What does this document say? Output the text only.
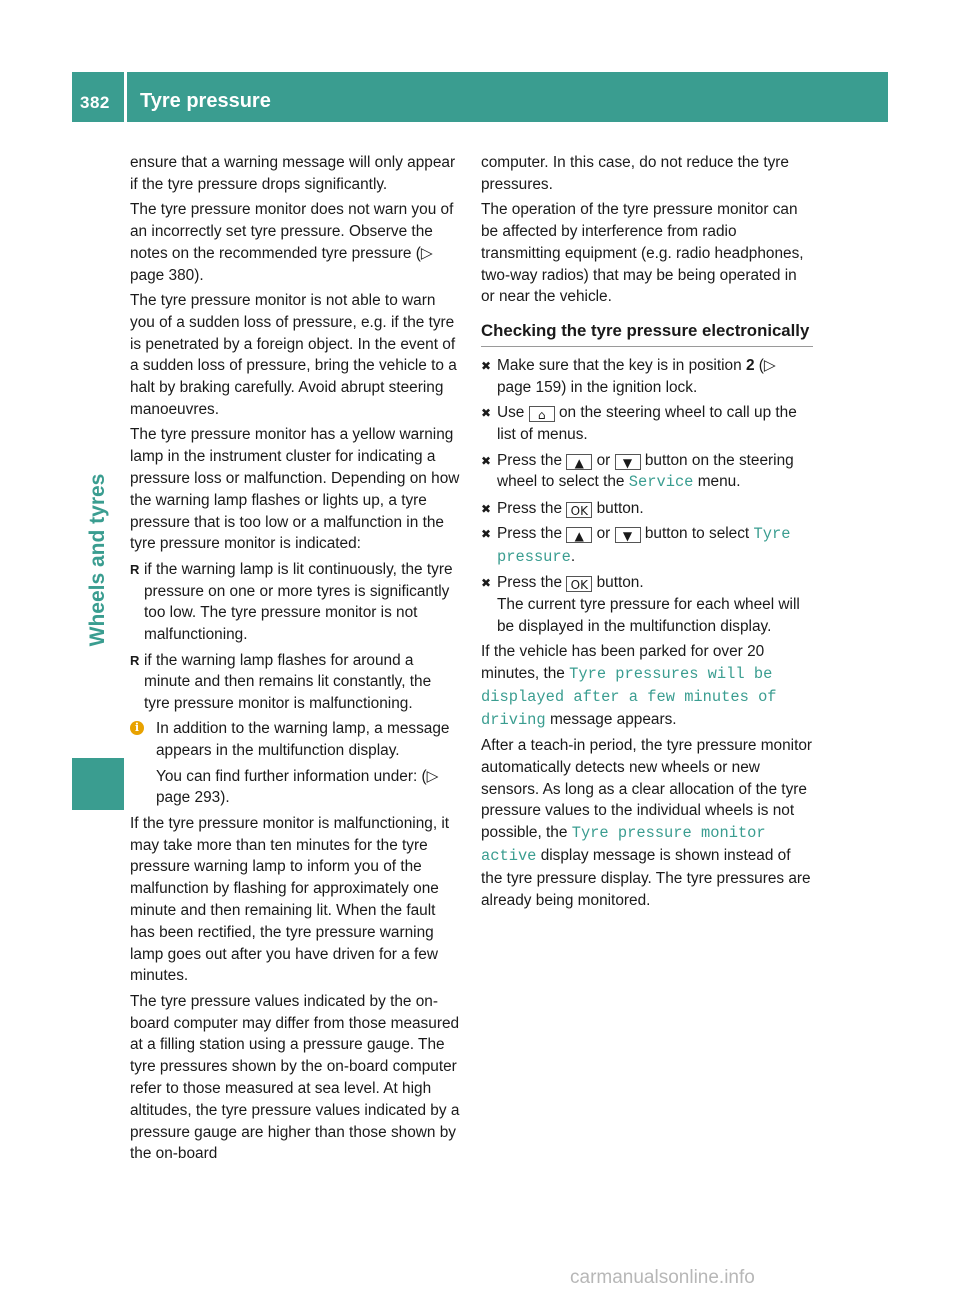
382 Tyre pressure
Wheels and tyres

ensure that a warning message will only appear if the tyre pressure drops significantly.

The tyre pressure monitor does not warn you of an incorrectly set tyre pressure. Observe the notes on the recommended tyre pressure (▷ page 380).

The tyre pressure monitor is not able to warn you of a sudden loss of pressure, e.g. if the tyre is penetrated by a foreign object. In the event of a sudden loss of pressure, bring the vehicle to a halt by braking carefully. Avoid abrupt steering manoeuvres.

The tyre pressure monitor has a yellow warning lamp in the instrument cluster for indicating a pressure loss or malfunction. Depending on how the warning lamp flashes or lights up, a tyre pressure that is too low or a malfunction in the tyre pressure monitor is indicated:

R if the warning lamp is lit continuously, the tyre pressure on one or more tyres is significantly too low. The tyre pressure monitor is not malfunctioning.
R if the warning lamp flashes for around a minute and then remains lit constantly, the tyre pressure monitor is malfunctioning.
i	In addition to the warning lamp, a message appears in the multifunction display.

You can find further information under: (▷ page 293).

If the tyre pressure monitor is malfunctioning, it may take more than ten minutes for the tyre pressure warning lamp to inform you of the malfunction by flashing for approximately one minute and then remaining lit. When the fault has been rectified, the tyre pressure warning lamp goes out after you have driven for a few minutes.

The tyre pressure values indicated by the on-board computer may differ from those measured at a filling station using a pressure gauge. The tyre pressures shown by the on-board computer refer to those measured at sea level. At high altitudes, the tyre pressure values indicated by a pressure gauge are higher than those shown by the on-board

computer. In this case, do not reduce the tyre pressures.

The operation of the tyre pressure monitor can be affected by interference from radio transmitting equipment (e.g. radio headphones, two-way radios) that may be being operated in or near the vehicle.

Checking the tyre pressure electronically
✖ Make sure that the key is in position 2 (▷ page 159) in the ignition lock.
✖ Use ⌂ on the steering wheel to call up the list of menus.
✖ Press the ▲ or ▼ button on the steering wheel to select the Service menu.
✖ Press the OK button.
✖ Press the ▲ or ▼ button to select Tyre pressure.
✖ Press the OK button.
The current tyre pressure for each wheel will be displayed in the multifunction display.

If the vehicle has been parked for over 20 minutes, the Tyre pressures will be displayed after a few minutes of driving message appears.

After a teach-in period, the tyre pressure monitor automatically detects new wheels or new sensors. As long as a clear allocation of the tyre pressure values to the individual wheels is not possible, the Tyre pressure monitor active display message is shown instead of the tyre pressure display. The tyre pressures are already being monitored.

carmanualsonline.info
